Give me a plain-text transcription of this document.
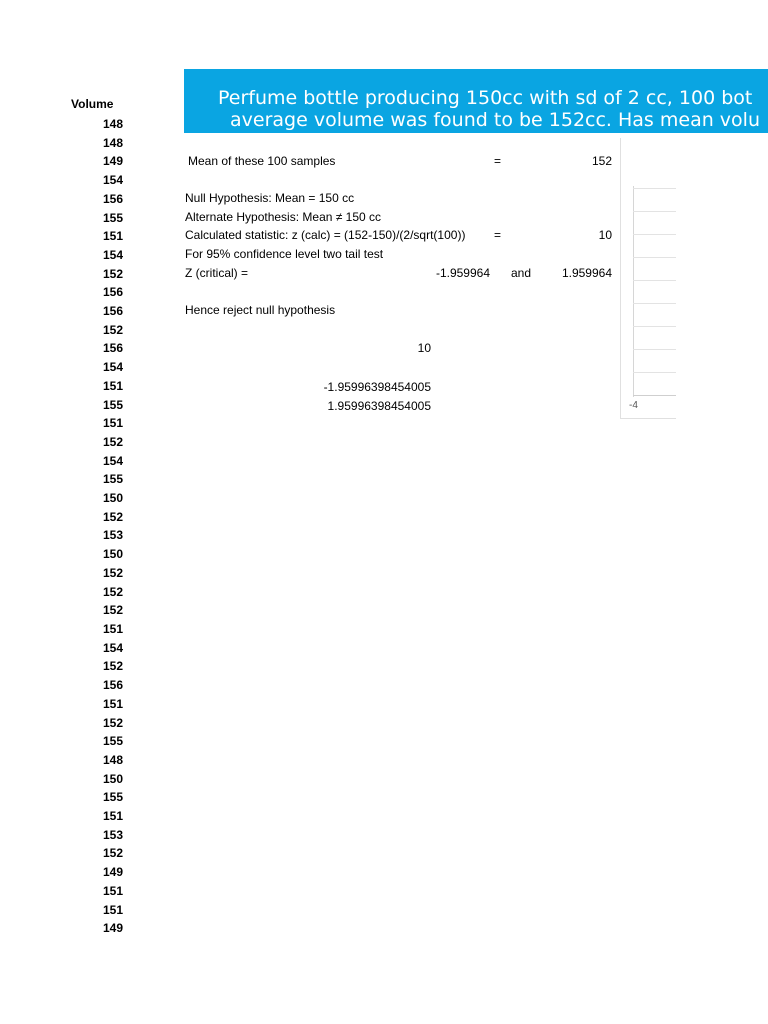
Perfume bottle producing 150cc with sd of 2 cc, 100 bot
average volume was found to be 152cc. Has mean volu
Volume
148
148
149
154
156
155
151
154
152
156
156
152
156
154
151
155
151
152
154
155
150
152
153
150
152
152
152
151
154
152
156
151
152
155
148
150
155
151
153
152
149
151
151
149
Mean of these 100 samples	=	152
Null Hypothesis: Mean = 150 cc
Alternate Hypothesis: Mean ≠ 150 cc
Calculated statistic: z (calc) = (152-150)/(2/sqrt(100)) =	10
For 95% confidence level two tail test
Z (critical) =	-1.959964 and	1.959964
Hence reject null hypothesis
10
-1.95996398454005
1.95996398454005	-4
